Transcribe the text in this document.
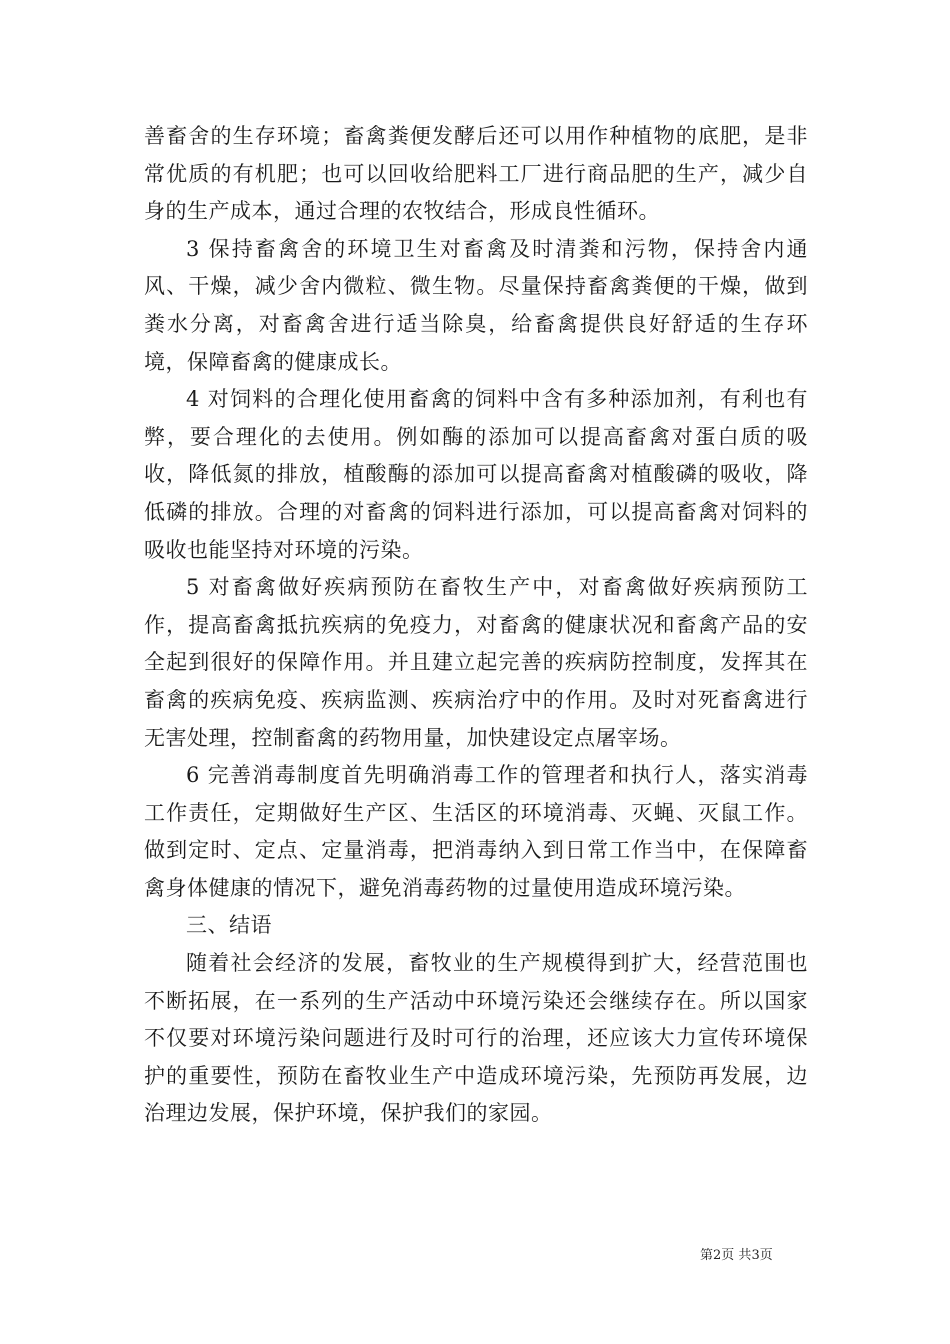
善畜舍的生存环境；畜禽粪便发酵后还可以用作种植物的底肥，是非常优质的有机肥；也可以回收给肥料工厂进行商品肥的生产，减少自身的生产成本，通过合理的农牧结合，形成良性循环。

3 保持畜禽舍的环境卫生对畜禽及时清粪和污物，保持舍内通风、干燥，减少舍内微粒、微生物。尽量保持畜禽粪便的干燥，做到粪水分离，对畜禽舍进行适当除臭，给畜禽提供良好舒适的生存环境，保障畜禽的健康成长。

4 对饲料的合理化使用畜禽的饲料中含有多种添加剂，有利也有弊，要合理化的去使用。例如酶的添加可以提高畜禽对蛋白质的吸收，降低氮的排放，植酸酶的添加可以提高畜禽对植酸磷的吸收，降低磷的排放。合理的对畜禽的饲料进行添加，可以提高畜禽对饲料的吸收也能坚持对环境的污染。

5 对畜禽做好疾病预防在畜牧生产中，对畜禽做好疾病预防工作，提高畜禽抵抗疾病的免疫力，对畜禽的健康状况和畜禽产品的安全起到很好的保障作用。并且建立起完善的疾病防控制度，发挥其在畜禽的疾病免疫、疾病监测、疾病治疗中的作用。及时对死畜禽进行无害处理，控制畜禽的药物用量，加快建设定点屠宰场。

6 完善消毒制度首先明确消毒工作的管理者和执行人，落实消毒工作责任，定期做好生产区、生活区的环境消毒、灭蝇、灭鼠工作。做到定时、定点、定量消毒，把消毒纳入到日常工作当中，在保障畜禽身体健康的情况下，避免消毒药物的过量使用造成环境污染。

三、结语

随着社会经济的发展，畜牧业的生产规模得到扩大，经营范围也不断拓展，在一系列的生产活动中环境污染还会继续存在。所以国家不仅要对环境污染问题进行及时可行的治理，还应该大力宣传环境保护的重要性，预防在畜牧业生产中造成环境污染，先预防再发展，边治理边发展，保护环境，保护我们的家园。

第2页 共3页
